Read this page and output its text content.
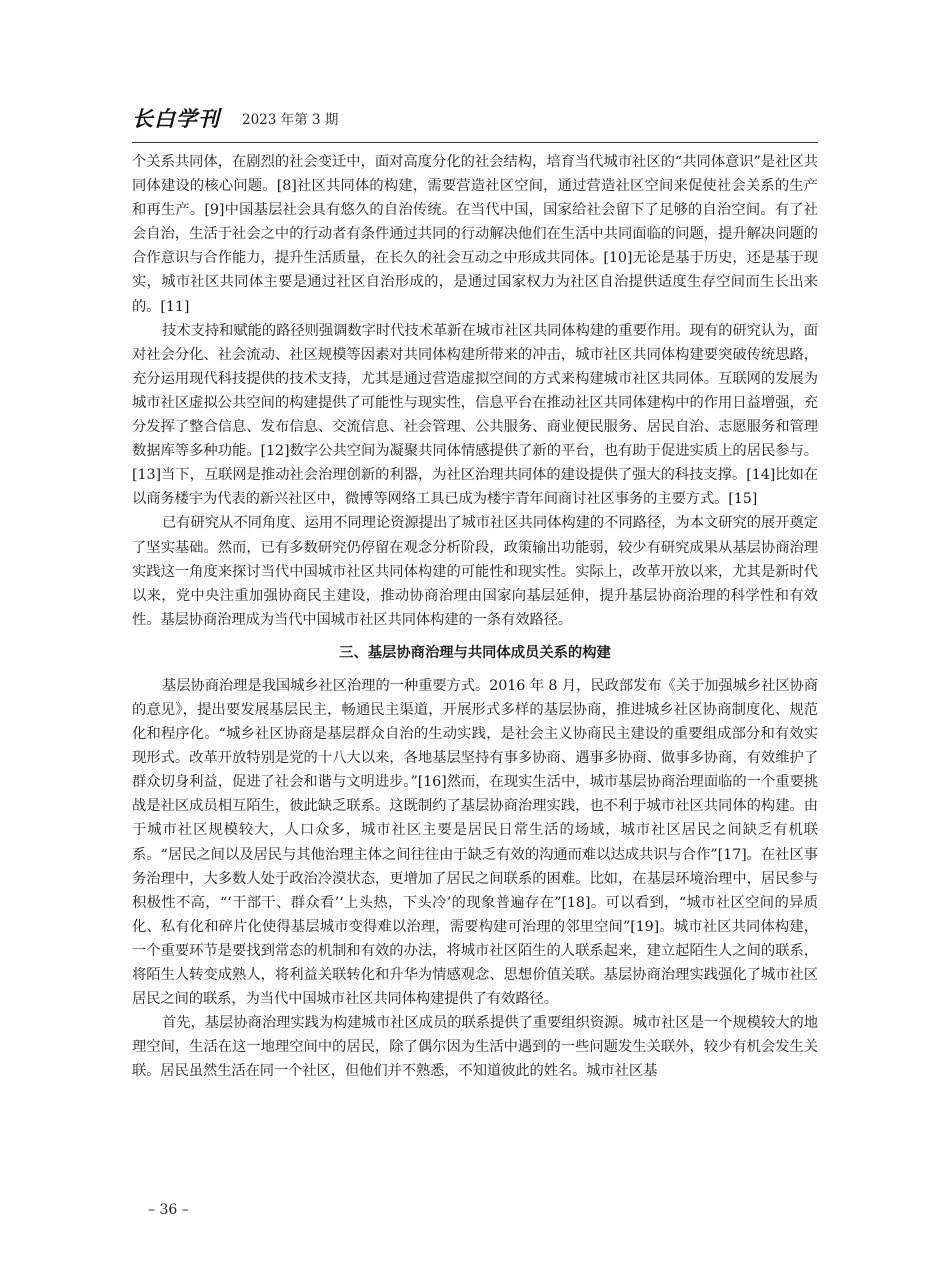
长白学刊 2023 年第 3 期

个关系共同体，在剧烈的社会变迁中，面对高度分化的社会结构，培育当代城市社区的“共同体意识”是社区共同体建设的核心问题。[8]社区共同体的构建，需要营造社区空间，通过营造社区空间来促使社会关系的生产和再生产。[9]中国基层社会具有悠久的自治传统。在当代中国，国家给社会留下了足够的自治空间。有了社会自治，生活于社会之中的行动者有条件通过共同的行动解决他们在生活中共同面临的问题，提升解决问题的合作意识与合作能力，提升生活质量，在长久的社会互动之中形成共同体。[10]无论是基于历史，还是基于现实，城市社区共同体主要是通过社区自治形成的，是通过国家权力为社区自治提供适度生存空间而生长出来的。[11]

技术支持和赋能的路径则强调数字时代技术革新在城市社区共同体构建的重要作用。现有的研究认为，面对社会分化、社会流动、社区规模等因素对共同体构建所带来的冲击，城市社区共同体构建要突破传统思路，充分运用现代科技提供的技术支持，尤其是通过营造虚拟空间的方式来构建城市社区共同体。互联网的发展为城市社区虚拟公共空间的构建提供了可能性与现实性，信息平台在推动社区共同体建构中的作用日益增强，充分发挥了整合信息、发布信息、交流信息、社会管理、公共服务、商业便民服务、居民自治、志愿服务和管理数据库等多种功能。[12]数字公共空间为凝聚共同体情感提供了新的平台，也有助于促进实质上的居民参与。[13]当下，互联网是推动社会治理创新的利器，为社区治理共同体的建设提供了强大的科技支撑。[14]比如在以商务楼宇为代表的新兴社区中，微博等网络工具已成为楼宇青年间商讨社区事务的主要方式。[15]

已有研究从不同角度、运用不同理论资源提出了城市社区共同体构建的不同路径，为本文研究的展开奠定了坚实基础。然而，已有多数研究仍停留在观念分析阶段，政策输出功能弱，较少有研究成果从基层协商治理实践这一角度来探讨当代中国城市社区共同体构建的可能性和现实性。实际上，改革开放以来，尤其是新时代以来，党中央注重加强协商民主建设，推动协商治理由国家向基层延伸，提升基层协商治理的科学性和有效性。基层协商治理成为当代中国城市社区共同体构建的一条有效路径。

三、基层协商治理与共同体成员关系的构建

基层协商治理是我国城乡社区治理的一种重要方式。2016 年 8 月，民政部发布《关于加强城乡社区协商的意见》，提出要发展基层民主，畅通民主渠道，开展形式多样的基层协商，推进城乡社区协商制度化、规范化和程序化。“城乡社区协商是基层群众自治的生动实践，是社会主义协商民主建设的重要组成部分和有效实现形式。改革开放特别是党的十八大以来，各地基层坚持有事多协商、遇事多协商、做事多协商，有效维护了群众切身利益，促进了社会和谐与文明进步。”[16]然而，在现实生活中，城市基层协商治理面临的一个重要挑战是社区成员相互陌生，彼此缺乏联系。这既制约了基层协商治理实践，也不利于城市社区共同体的构建。由于城市社区规模较大，人口众多，城市社区主要是居民日常生活的场域，城市社区居民之间缺乏有机联系。“居民之间以及居民与其他治理主体之间往往由于缺乏有效的沟通而难以达成共识与合作”[17]。在社区事务治理中，大多数人处于政治冷漠状态，更增加了居民之间联系的困难。比如，在基层环境治理中，居民参与积极性不高，“‘干部干、群众看’‘上头热，下头冷’的现象普遍存在”[18]。可以看到，“城市社区空间的异质化、私有化和碎片化使得基层城市变得难以治理，需要构建可治理的邻里空间”[19]。城市社区共同体构建，一个重要环节是要找到常态的机制和有效的办法，将城市社区陌生的人联系起来，建立起陌生人之间的联系，将陌生人转变成熟人，将利益关联转化和升华为情感观念、思想价值关联。基层协商治理实践强化了城市社区居民之间的联系，为当代中国城市社区共同体构建提供了有效路径。

首先，基层协商治理实践为构建城市社区成员的联系提供了重要组织资源。城市社区是一个规模较大的地理空间，生活在这一地理空间中的居民，除了偶尔因为生活中遇到的一些问题发生关联外，较少有机会发生关联。居民虽然生活在同一个社区，但他们并不熟悉，不知道彼此的姓名。城市社区基

– 36 –
